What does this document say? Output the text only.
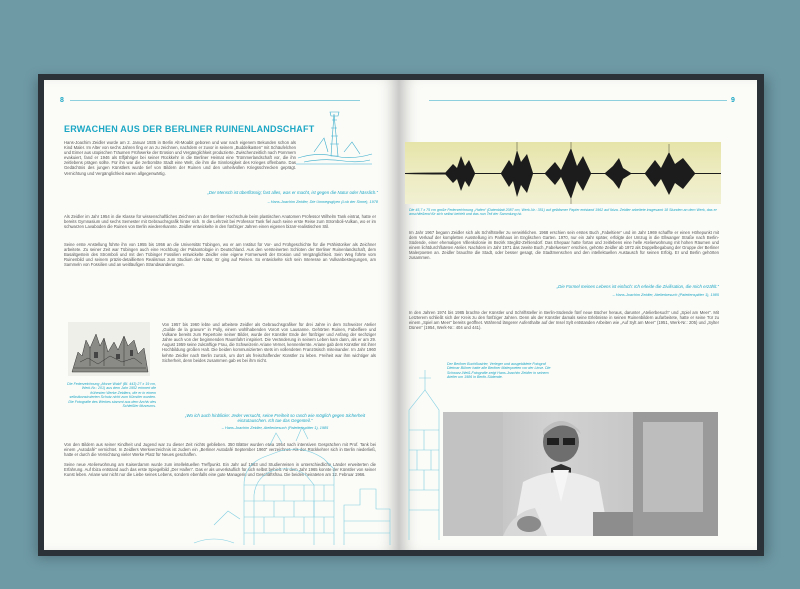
8
ERWACHEN AUS DER BERLINER RUINENLANDSCHAFT
Hans-Joachim Zeidler wurde am 2. Januar 1935 in Berlin Alt-Moabit geboren und war nach eigenem Bekunden schon als Kind Maler. Im Alter von sechs Jahren fing er an zu zeichnen, nachdem er zuvor in seinem „Buddelkasten“ mit Schäufelchen und Eimer aus utopischen Träumen Frühwerke der Erosion und Vergänglichkeit produzierte. Zwischenzeitlich nach Pommern evakuiert, fand er 1946 als Elfjähriger bei seiner Rückkehr in die Berliner Heimat eine Trümmerlandschaft vor, die ihn zeitlebens prägen sollte. Für ihn war die zerbombte Stadt eine Welt, die ihm die Sinnlosigkeit des Krieges offenbarte. Das Gedächtnis des jungen Künstlers wurde tief von Bildern der Ruinen und den unheilvollen Kriegsschrecken geprägt. Vernichtung und Vergänglichkeit waren allgegenwärtig.
„Der Mensch ist überflüssig; fast alles, was er macht, ist gegen die Natur oder hässlich.“
– Hans-Joachim Zeidler, Die Umwegsglyen (Lob der Sinne), 1978
Als Zeidler im Jahr 1954 in die Klasse für wissenschaftliches Zeichnen an der Berliner Hochschule beim plastischen Anatomen Professor Wilhelm Tank eintrat, hatte er bereits Gymnasium und sechs Semester mit Gebrauchsgrafik hinter sich. In die Lehrzeit bei Professor Tank fiel auch seine erste Reise zum Stromboli-Vulkan, wo er im schwarzen Lavaboden die Ruinen von Berlin wiedererkannte. Zeidler entwickelte in den fünfziger Jahren einen eigenen bizarr-realistischen Stil.
Seine erste Anstellung führte ihn von 1955 bis 1956 an die Universität Tübingen, wo er am Institut für Vor- und Frühgeschichte für die Prähistoriker als Zeichner arbeitete. Zu seiner Zeit war Tübingen auch eine Hochburg der Paläontologie in Deutschland. Aus den versteinerten Schloten der Berliner Ruinenlandschaft, dem Basaltgestein des Stromboli und mit den Tübinger Fossilien entwickelte Zeidler eine eigene Formenwelt der Erosion und Vergänglichkeit. Sein Weg führte vom Ruinenbild und seinem präzis-detaillierten Realismus zum Studium der Natur, Er ging auf Reisen. So entwickelte sich sein Interesse an Vulkanbesteigungen, am Sammeln von Fossilien und an weitläufigen Strandwanderungen.
Die Federzeichnung „Morze Wald“ (Bl. 443) 27 x 19 cm, Werk-Nr.: 201) aus dem Jahr 1952 erinnert die frühesten Werke Zeidlers, die er in einem selbstkonstruierten Schutz nicht zum Künstler wurden. Die Fotografie des Werkes stammt aus dem Archiv des Schleißler Museums.
Von 1957 bis 1960 lebte und arbeitete Zeidler als Gebrauchsgrafiker für drei Jahre in dem Schweizer Atelier „Guilde de la gravure“ in Pully, einem wohlhabenden Vorort von Lausanne. Gehörten Ruinen, Fabelfiere und Vulkane bereits zum Repertoire seiner Bilder, wurde der Künstler Ende der fünfziger und Anfang der sechziger Jahre auch von der beginnenden Raumfahrt inspiriert. Die Veränderung in seinem Leben kam dann, als er am 29. August 1959 seine zukünftige Frau, die Schweizerin Ariane Vernet, kennenlernte. Ariane gab dem Künstler mit ihrer Hochbildung großen Halt. Die beiden kommunizierten stets im vollendeten Französisch miteinander. Im Jahr 1960 kehrte Zeidler nach Berlin zurück, um dort als freischaffender Künstler zu leben. Freiheit war ihm wichtiger als Sicherheit, denn beides zusammen gab es bei ihm nicht.
„Wo ich auch hinblicke: Jeder versucht, seine Freiheit so rasch wie möglich gegen Sicherheit einzutauschen. Ich tue das Gegenteil.“
– Hans-Joachim Zeidler, Atelierbesuch (Palettenspitter 1), 1985
Von den Bildern aus seiner Kindheit und Jugend war zu dieser Zeit nichts geblieben. 350 Blätter wurden etwa 1954 nach intensiven Gesprächen mit Prof. Tank bei einem „Autodafé“ vernichtet. In Zeidlers Werkverzeichnis ist zudem ein „Berliner Autodafé September 1960“ verzeichnet. Als der Rückkehrer sich in Berlin niederließ, hatte er durch die Vernichtung vieler Werke Platz für Neues geschaffen.
Seine neue Atelierwohnung am Kaiserdamm wurde zum intellektuellen Treffpunkt. Ein Jahr auf 1963 und Studienreisen in unterschiedliche Länder erweiterten die Erfahrung. Auf Ibiza entstand auch das erste Spiegelbild „Der Haifen“. Das er als unverkäuflich für sich selbst behielt. Ab dem Jahr 1965 konnte der Künstler von seiner Kunst leben. Ariane war nicht nur die Liebe seines Lebens, sondern ebenfalls eine gute Managerin und Geschäftsfrau. Die beiden heirateten am 12. Februar 1966.
9
Die 45,7 x 75 cm große Federzeichnung „Hafen“ (Datenblatt 2087 cm, Werk-Nr.: 351) auf gelbfarner Papier entstand 1962 auf Ibiza. Zeidler arbeitete insgesamt 18 Stunden an dem Werk, das er anschließend für sich selbst behielt und das nun Teil der Sammlung ist.
Im Jahr 1967 begann Zeidler sich als Schriftsteller zu verwirklichen. 1968 erschien sein erstes Buch „Fabeltiere“ und im Jahr 1969 schaffte er einen Höhepunkt mit dem Verkauf der kompletten Ausstellung im Parkhaus im Englischen Garten. 1970, nur ein Jahr später, erfolgte der Umzug in die Ellwanger Straße nach Berlin-Südende, einer ehemaligen Villenkolonie im Bezirk Steglitz-Zehlendorf. Das Ehepaar hatte fortan und zeitlebens eine helle Atelierwohnung mit hohen Räumen und einem lichtdurchfluteten Atelier. Nachdem im Jahr 1971 das zweite Buch „Fabelwesen“ erschien, gehörte Zeidler ab 1972 als Doppelbegabung der Gruppe der Berliner Malerpoeten an. Zeidler brauchte die Stadt, oder besser gesagt, die Stadtmenschen und den intellektuellen Austausch für seinen Erfolg. Er und Berlin gehörten zusammen.
„Die Formel meines Lebens ist einfach: Ich erleide die Zivilisation, die mich erzählt.“
– Hans-Joachim Zeidler, Atelierbesuch (Palettenspitter 1), 1985
In den Jahren 1974 bis 1985 brachte der Künstler und Schriftsteller in Berlin-Südende fünf neue Bücher heraus, darunter „Atelierbesuch“ und „Spiel am Meer“. Mit Letzterem schließt sich der Kreis zu den fünfziger Jahren. Denn als der Künstler damals seine Erlebnisse in seinen Ruinenbildern aufarbeitete, hatte er seine Tür zu einem „Spiel am Meer“ bereits geöffnet. Während längerer Aufenthalte auf der Insel Sylt entstanden Arbeiten wie „Auf Sylt am Meer“ (1951, Werk-Nr.: 205) und „Sylter Dünen“ (1954, Werk-Nr.: 404 und 441).
Der Berliner Buchillustrier, Verleger und ausgebildete Fotograf Dietmar Bührer hatte alle Berliner Malerpoeten vor der Linse. Die Schwarz-Weiß-Fotografie zeigt Hans-Joachim Zeidler in seinem Atelier um 1986 in Berlin-Südende.
